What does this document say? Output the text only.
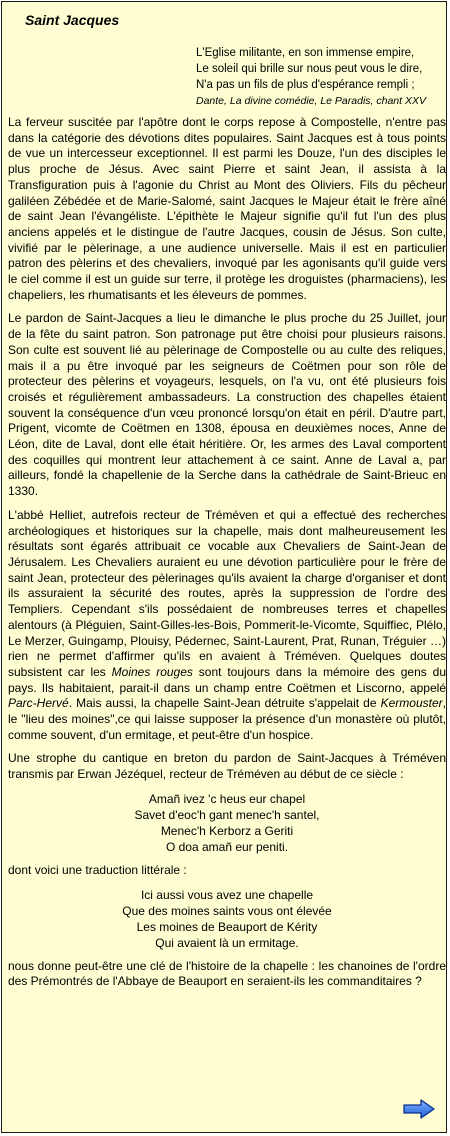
Saint Jacques
L'Eglise militante, en son immense empire,
Le soleil qui brille sur nous peut vous le dire,
N'a pas un fils de plus d'espérance rempli ;
Dante, La divine comédie, Le Paradis, chant XXV

La ferveur suscitée par l'apôtre dont le corps repose à Compostelle, n'entre pas dans la catégorie des dévotions dites populaires. Saint Jacques est à tous points de vue un intercesseur exceptionnel. Il est parmi les Douze, l'un des disciples le plus proche de Jésus. Avec saint Pierre et saint Jean, il assista à la Transfiguration puis à l'agonie du Christ au Mont des Oliviers. Fils du pêcheur galiléen Zébédée et de Marie-Salomé, saint Jacques le Majeur était le frère aîné de saint Jean l'évangéliste. L'épithète le Majeur signifie qu'il fut l'un des plus anciens appelés et le distingue de l'autre Jacques, cousin de Jésus. Son culte, vivifié par le pèlerinage, a une audience universelle. Mais il est en particulier patron des pèlerins et des chevaliers, invoqué par les agonisants qu'il guide vers le ciel comme il est un guide sur terre, il protège les droguistes (pharmaciens), les chapeliers, les rhumatisants et les éleveurs de pommes.

Le pardon de Saint-Jacques a lieu le dimanche le plus proche du 25 Juillet, jour de la fête du saint patron. Son patronage put être choisi pour plusieurs raisons. Son culte est souvent lié au pèlerinage de Compostelle ou au culte des reliques, mais il a pu être invoqué par les seigneurs de Coëtmen pour son rôle de protecteur des pèlerins et voyageurs, lesquels, on l'a vu, ont été plusieurs fois croisés et régulièrement ambassadeurs. La construction des chapelles étaient souvent la conséquence d'un vœu prononcé lorsqu'on était en péril. D'autre part, Prigent, vicomte de Coëtmen en 1308, épousa en deuxièmes noces, Anne de Léon, dite de Laval, dont elle était héritière. Or, les armes des Laval comportent des coquilles qui montrent leur attachement à ce saint. Anne de Laval a, par ailleurs, fondé la chapellenie de la Serche dans la cathédrale de Saint-Brieuc en 1330.

L'abbé Helliet, autrefois recteur de Tréméven et qui a effectué des recherches archéologiques et historiques sur la chapelle, mais dont malheureusement les résultats sont égarés attribuait ce vocable aux Chevaliers de Saint-Jean de Jérusalem. Les Chevaliers auraient eu une dévotion particulière pour le frère de saint Jean, protecteur des pèlerinages qu'ils avaient la charge d'organiser et dont ils assuraient la sécurité des routes, après la suppression de l'ordre des Templiers. Cependant s'ils possédaient de nombreuses terres et chapelles alentours (à Pléguien, Saint-Gilles-les-Bois, Pommerit-le-Vicomte, Squiffiec, Plélo, Le Merzer, Guingamp, Plouisy, Pédernec, Saint-Laurent, Prat, Runan, Tréguier …) rien ne permet d'affirmer qu'ils en avaient à Tréméven. Quelques doutes subsistent car les Moines rouges sont toujours dans la mémoire des gens du pays. Ils habitaient, parait-il dans un champ entre Coëtmen et Liscorno, appelé Parc-Hervé. Mais aussi, la chapelle Saint-Jean détruite s'appelait de Kermouster, le "lieu des moines",ce qui laisse supposer la présence d'un monastère où plutôt, comme souvent, d'un ermitage, et peut-être d'un hospice.

Une strophe du cantique en breton du pardon de Saint-Jacques à Tréméven transmis par Erwan Jézéquel, recteur de Tréméven au début de ce siècle :

Amañ ivez 'c heus eur chapel
Savet d'eoc'h gant menec'h santel,
Menec'h Kerborz a Geriti
O doa amañ eur peniti.

dont voici une traduction littérale :

Ici aussi vous avez une chapelle
Que des moines saints vous ont élevée
Les moines de Beauport de Kérity
Qui avaient là un ermitage.

nous donne peut-être une clé de l'histoire de la chapelle : les chanoines de l'ordre des Prémontrés de l'Abbaye de Beauport en seraient-ils les commanditaires ?
